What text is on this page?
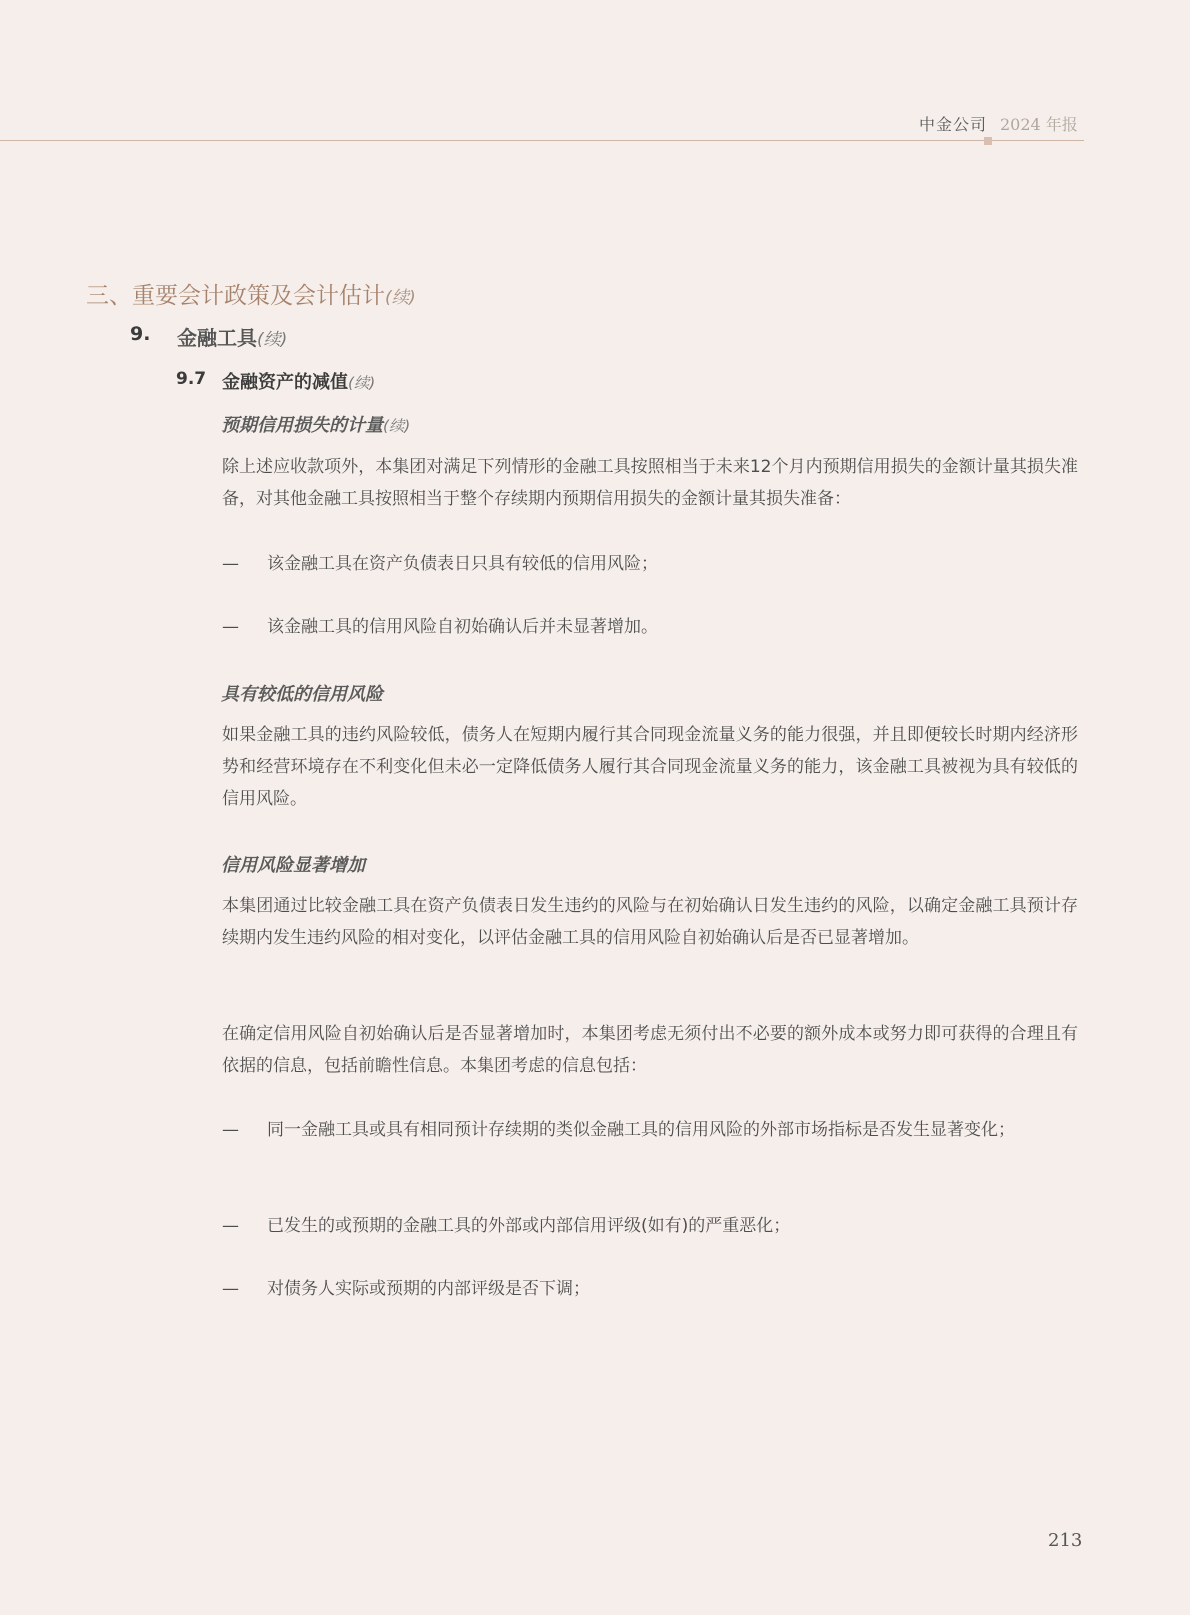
中金公司 2024 年报
三、重要会计政策及会计估计(续)
9. 金融工具(续)
9.7 金融资产的减值(续)
预期信用损失的计量(续)
除上述应收款项外，本集团对满足下列情形的金融工具按照相当于未来12个月内预期信用损失的金额计量其损失准备，对其他金融工具按照相当于整个存续期内预期信用损失的金额计量其损失准备：
— 该金融工具在资产负债表日只具有较低的信用风险；
— 该金融工具的信用风险自初始确认后并未显著增加。
具有较低的信用风险
如果金融工具的违约风险较低，债务人在短期内履行其合同现金流量义务的能力很强，并且即便较长时期内经济形势和经营环境存在不利变化但未必一定降低债务人履行其合同现金流量义务的能力，该金融工具被视为具有较低的信用风险。
信用风险显著增加
本集团通过比较金融工具在资产负债表日发生违约的风险与在初始确认日发生违约的风险，以确定金融工具预计存续期内发生违约风险的相对变化，以评估金融工具的信用风险自初始确认后是否已显著增加。
在确定信用风险自初始确认后是否显著增加时，本集团考虑无须付出不必要的额外成本或努力即可获得的合理且有依据的信息，包括前瞻性信息。本集团考虑的信息包括：
— 同一金融工具或具有相同预计存续期的类似金融工具的信用风险的外部市场指标是否发生显著变化；
— 已发生的或预期的金融工具的外部或内部信用评级(如有)的严重恶化；
— 对债务人实际或预期的内部评级是否下调；
213
